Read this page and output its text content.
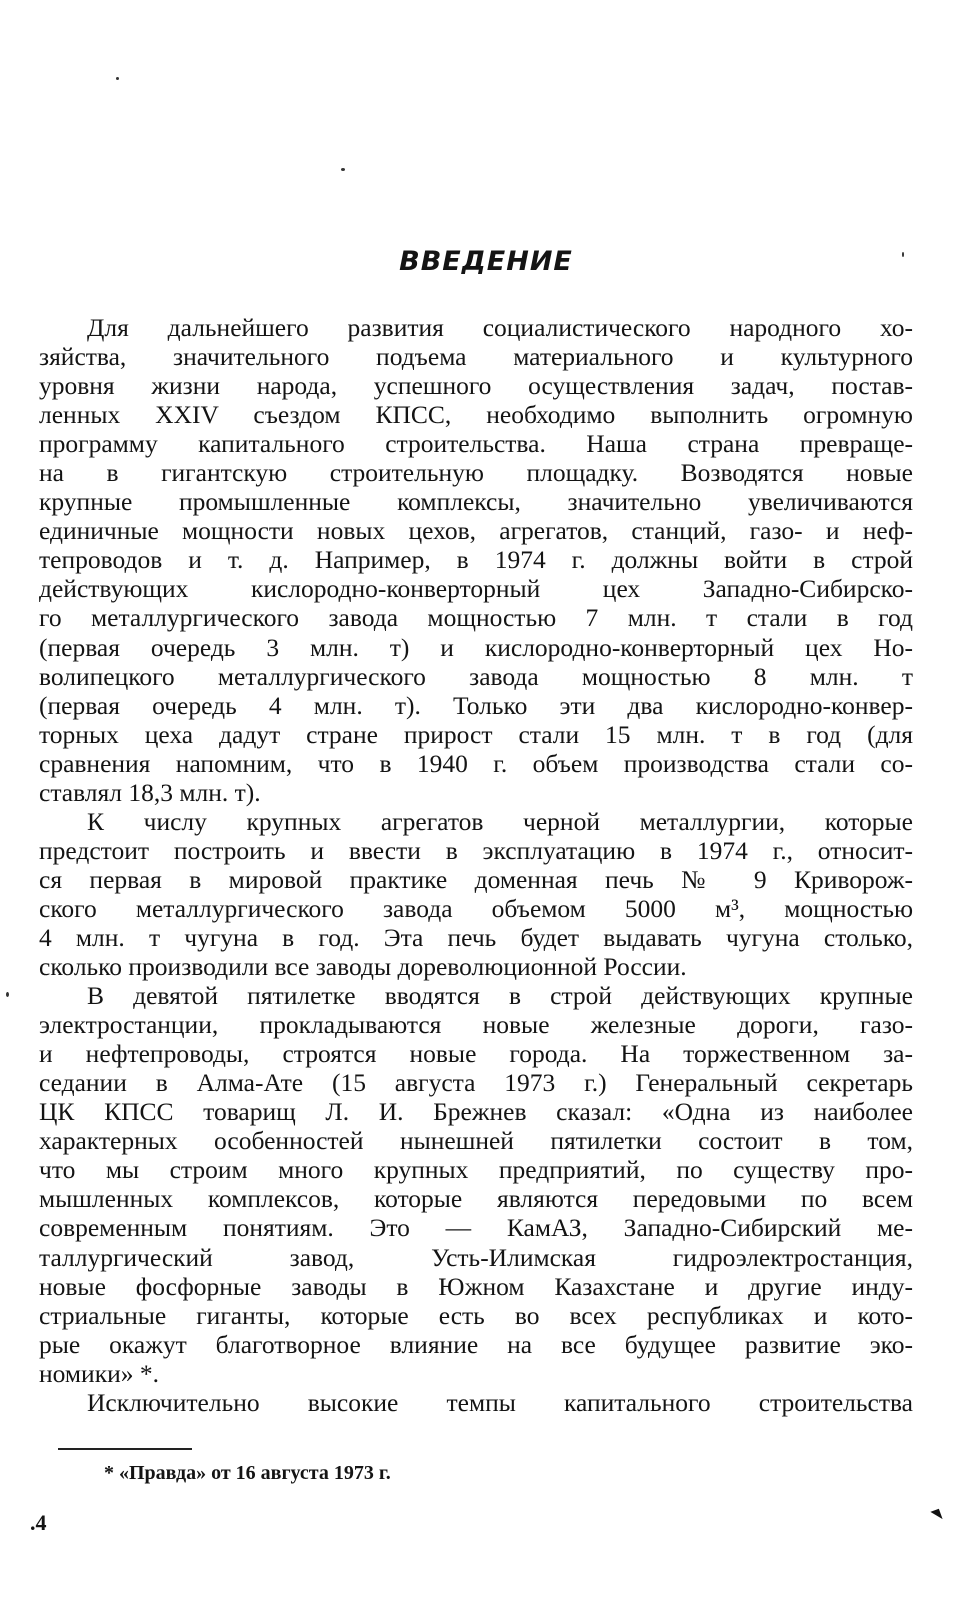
ВВЕДЕНИЕ
Для дальнейшего развития социалистического народного хо-
зяйства, значительного подъема материального и культурного
уровня жизни народа, успешного осуществления задач, постав-
ленных XXIV съездом КПСС, необходимо выполнить огромную
программу капитального строительства. Наша страна превраще-
на в гигантскую строительную площадку. Возводятся новые
крупные промышленные комплексы, значительно увеличиваются
единичные мощности новых цехов, агрегатов, станций, газо- и неф-
тепроводов и т. д. Например, в 1974 г. должны войти в строй
действующих кислородно-конверторный цех Западно-Сибирско-
го металлургического завода мощностью 7 млн. т стали в год
(первая очередь 3 млн. т) и кислородно-конверторный цех Но-
волипецкого металлургического завода мощностью 8 млн. т
(первая очередь 4 млн. т). Только эти два кислородно-конвер-
торных цеха дадут стране прирост стали 15 млн. т в год (для
сравнения напомним, что в 1940 г. объем производства стали со-
ставлял 18,3 млн. т).
К числу крупных агрегатов черной металлургии, которые
предстоит построить и ввести в эксплуатацию в 1974 г., относит-
ся первая в мировой практике доменная печь № 9 Криворож-
ского металлургического завода объемом 5000 м³, мощностью
4 млн. т чугуна в год. Эта печь будет выдавать чугуна столько,
сколько производили все заводы дореволюционной России.
В девятой пятилетке вводятся в строй действующих крупные
электростанции, прокладываются новые железные дороги, газо-
и нефтепроводы, строятся новые города. На торжественном за-
седании в Алма-Ате (15 августа 1973 г.) Генеральный секретарь
ЦК КПСС товарищ Л. И. Брежнев сказал: «Одна из наиболее
характерных особенностей нынешней пятилетки состоит в том,
что мы строим много крупных предприятий, по существу про-
мышленных комплексов, которые являются передовыми по всем
современным понятиям. Это — КамАЗ, Западно-Сибирский ме-
таллургический завод, Усть-Илимская гидроэлектростанция,
новые фосфорные заводы в Южном Казахстане и другие инду-
стриальные гиганты, которые есть во всех республиках и кото-
рые окажут благотворное влияние на все будущее развитие эко-
номики» *.
Исключительно высокие темпы капитального строительства
* «Правда» от 16 августа 1973 г.
.4
